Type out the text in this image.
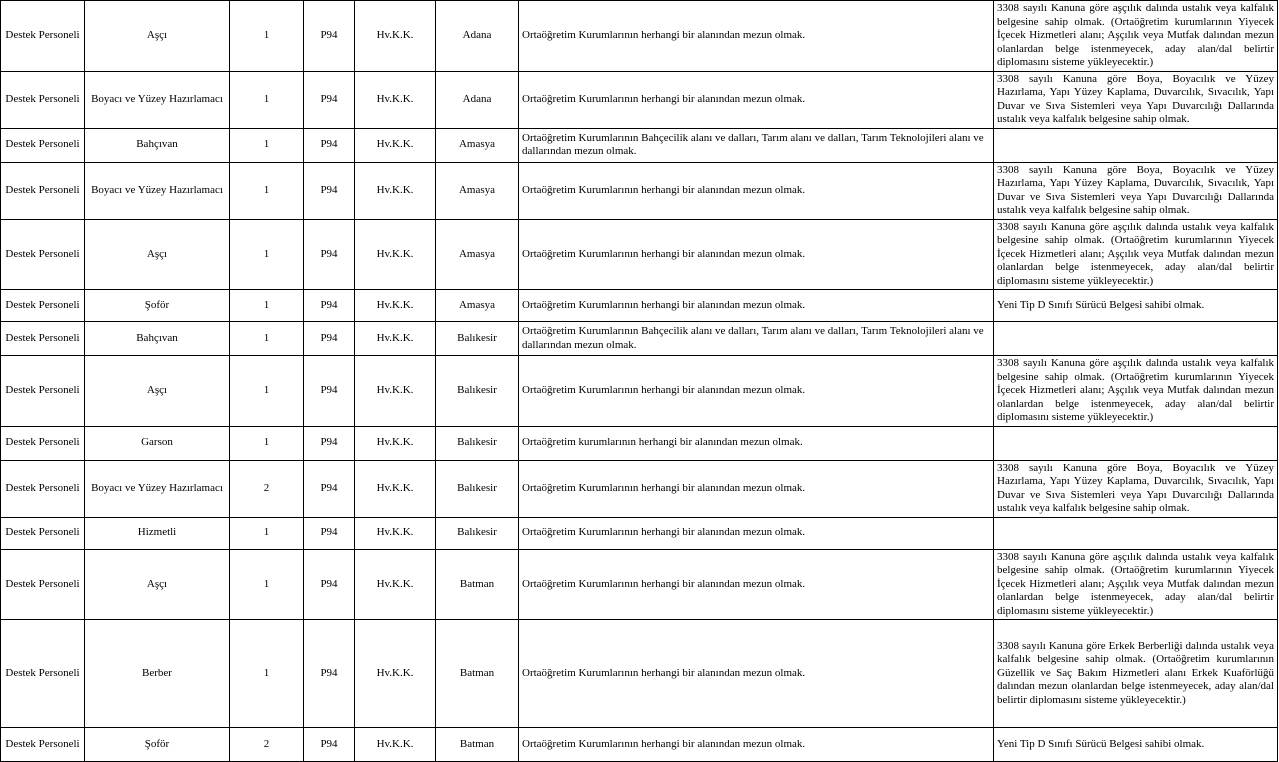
Destek Personeli	Aşçı	1	P94	Hv.K.K.	Adana	Ortaöğretim Kurumlarının herhangi bir alanından mezun olmak.	3308 sayılı Kanuna göre aşçılık dalında ustalık veya kalfalık belgesine sahip olmak. (Ortaöğretim kurumlarının Yiyecek İçecek Hizmetleri alanı; Aşçılık veya Mutfak dalından mezun olanlardan belge istenmeyecek, aday alan/dal belirtir diplomasını sisteme yükleyecektir.)
Destek Personeli	Boyacı ve Yüzey Hazırlamacı	1	P94	Hv.K.K.	Adana	Ortaöğretim Kurumlarının herhangi bir alanından mezun olmak.	3308 sayılı Kanuna göre Boya, Boyacılık ve Yüzey Hazırlama, Yapı Yüzey Kaplama, Duvarcılık, Sıvacılık, Yapı Duvar ve Sıva Sistemleri veya Yapı Duvarcılığı Dallarında ustalık veya kalfalık belgesine sahip olmak.
Destek Personeli	Bahçıvan	1	P94	Hv.K.K.	Amasya	Ortaöğretim Kurumlarının Bahçecilik alanı ve dalları, Tarım alanı ve dalları, Tarım Teknolojileri alanı ve dallarından mezun olmak.	
Destek Personeli	Boyacı ve Yüzey Hazırlamacı	1	P94	Hv.K.K.	Amasya	Ortaöğretim Kurumlarının herhangi bir alanından mezun olmak.	3308 sayılı Kanuna göre Boya, Boyacılık ve Yüzey Hazırlama, Yapı Yüzey Kaplama, Duvarcılık, Sıvacılık, Yapı Duvar ve Sıva Sistemleri veya Yapı Duvarcılığı Dallarında ustalık veya kalfalık belgesine sahip olmak.
Destek Personeli	Aşçı	1	P94	Hv.K.K.	Amasya	Ortaöğretim Kurumlarının herhangi bir alanından mezun olmak.	3308 sayılı Kanuna göre aşçılık dalında ustalık veya kalfalık belgesine sahip olmak. (Ortaöğretim kurumlarının Yiyecek İçecek Hizmetleri alanı; Aşçılık veya Mutfak dalından mezun olanlardan belge istenmeyecek, aday alan/dal belirtir diplomasını sisteme yükleyecektir.)
Destek Personeli	Şoför	1	P94	Hv.K.K.	Amasya	Ortaöğretim Kurumlarının herhangi bir alanından mezun olmak.	Yeni Tip D Sınıfı Sürücü Belgesi sahibi olmak.
Destek Personeli	Bahçıvan	1	P94	Hv.K.K.	Balıkesir	Ortaöğretim Kurumlarının Bahçecilik alanı ve dalları, Tarım alanı ve dalları, Tarım Teknolojileri alanı ve dallarından mezun olmak.	
Destek Personeli	Aşçı	1	P94	Hv.K.K.	Balıkesir	Ortaöğretim Kurumlarının herhangi bir alanından mezun olmak.	3308 sayılı Kanuna göre aşçılık dalında ustalık veya kalfalık belgesine sahip olmak. (Ortaöğretim kurumlarının Yiyecek İçecek Hizmetleri alanı; Aşçılık veya Mutfak dalından mezun olanlardan belge istenmeyecek, aday alan/dal belirtir diplomasını sisteme yükleyecektir.)
Destek Personeli	Garson	1	P94	Hv.K.K.	Balıkesir	Ortaöğretim kurumlarının herhangi bir alanından mezun olmak.	
Destek Personeli	Boyacı ve Yüzey Hazırlamacı	2	P94	Hv.K.K.	Balıkesir	Ortaöğretim Kurumlarının herhangi bir alanından mezun olmak.	3308 sayılı Kanuna göre Boya, Boyacılık ve Yüzey Hazırlama, Yapı Yüzey Kaplama, Duvarcılık, Sıvacılık, Yapı Duvar ve Sıva Sistemleri veya Yapı Duvarcılığı Dallarında ustalık veya kalfalık belgesine sahip olmak.
Destek Personeli	Hizmetli	1	P94	Hv.K.K.	Balıkesir	Ortaöğretim Kurumlarının herhangi bir alanından mezun olmak.	
Destek Personeli	Aşçı	1	P94	Hv.K.K.	Batman	Ortaöğretim Kurumlarının herhangi bir alanından mezun olmak.	3308 sayılı Kanuna göre aşçılık dalında ustalık veya kalfalık belgesine sahip olmak. (Ortaöğretim kurumlarının Yiyecek İçecek Hizmetleri alanı; Aşçılık veya Mutfak dalından mezun olanlardan belge istenmeyecek, aday alan/dal belirtir diplomasını sisteme yükleyecektir.)
Destek Personeli	Berber	1	P94	Hv.K.K.	Batman	Ortaöğretim Kurumlarının herhangi bir alanından mezun olmak.	3308 sayılı Kanuna göre Erkek Berberliği dalında ustalık veya kalfalık belgesine sahip olmak. (Ortaöğretim kurumlarının Güzellik ve Saç Bakım Hizmetleri alanı Erkek Kuaförlüğü dalından mezun olanlardan belge istenmeyecek, aday alan/dal belirtir diplomasını sisteme yükleyecektir.)
Destek Personeli	Şoför	2	P94	Hv.K.K.	Batman	Ortaöğretim Kurumlarının herhangi bir alanından mezun olmak.	Yeni Tip D Sınıfı Sürücü Belgesi sahibi olmak.
